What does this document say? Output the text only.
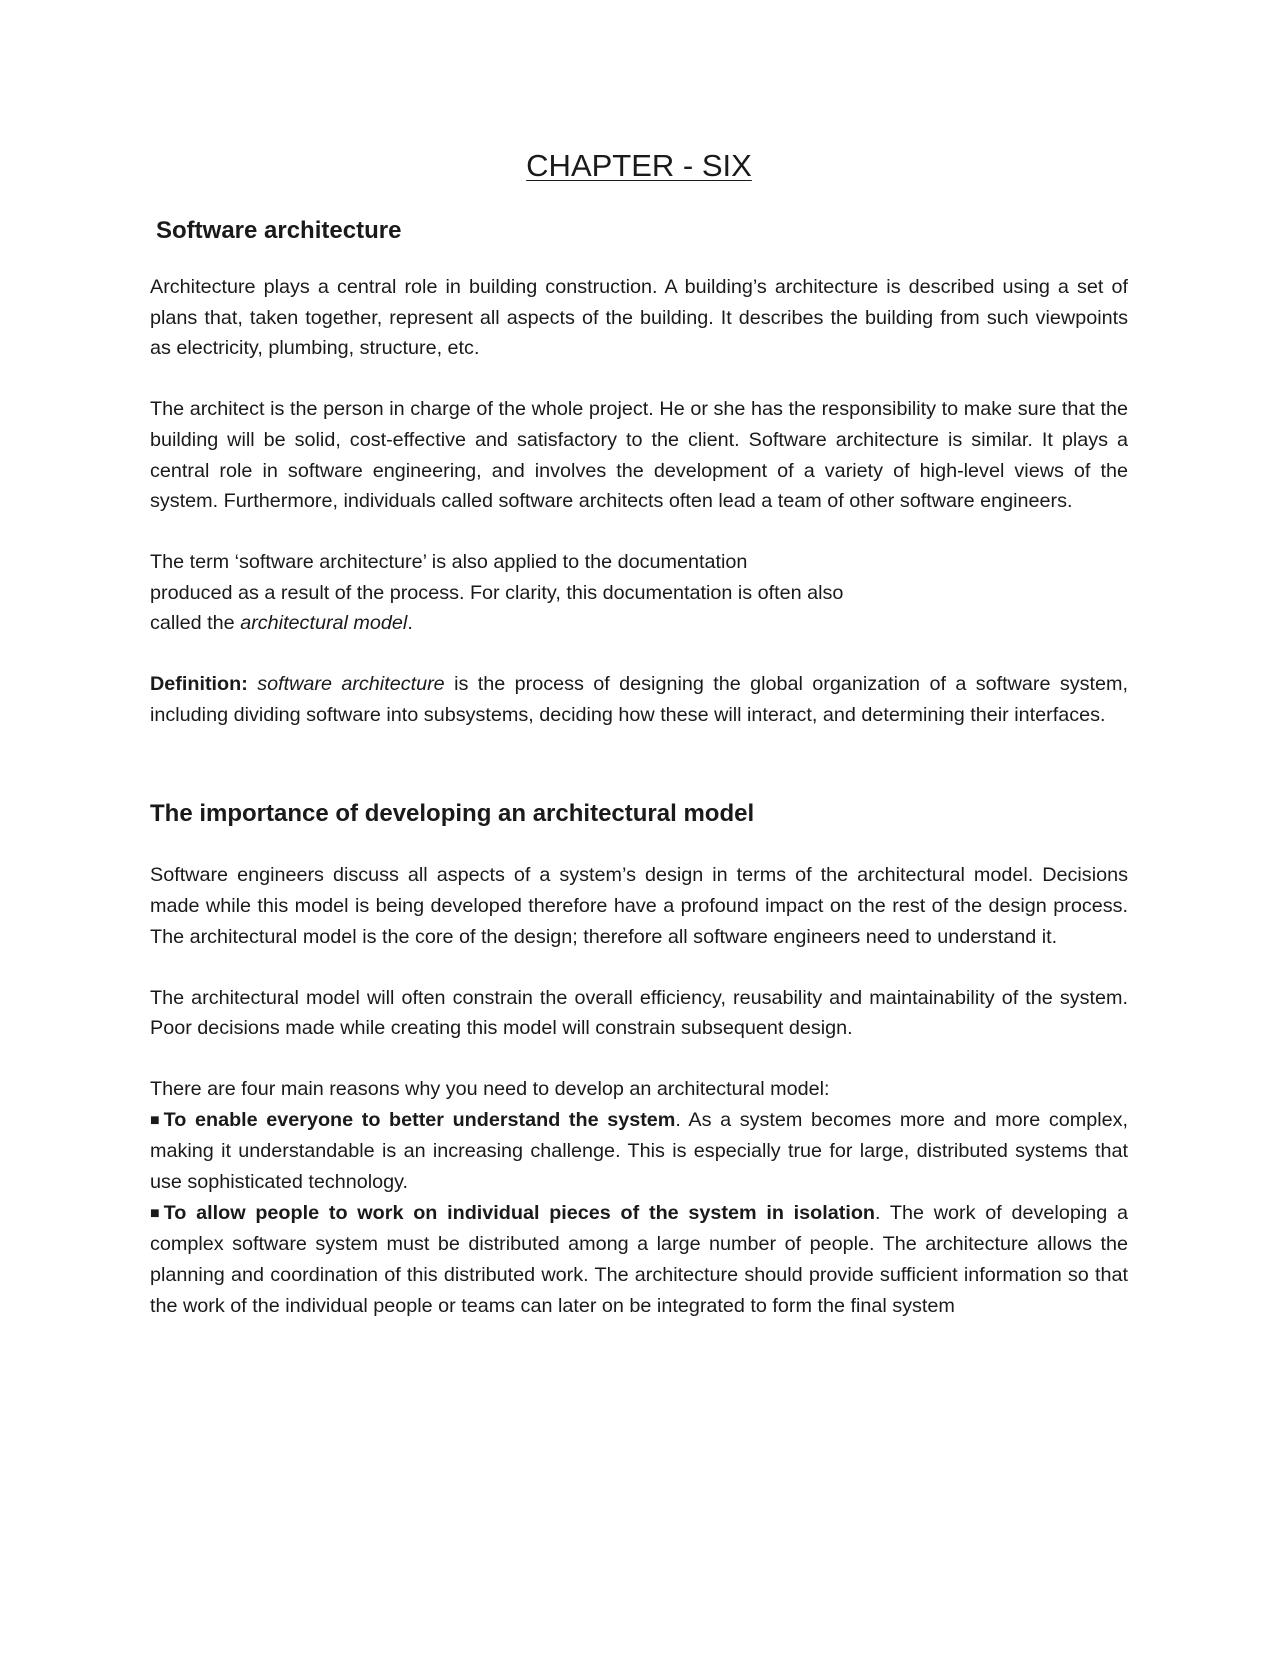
CHAPTER - SIX
Software architecture

Architecture plays a central role in building construction. A building’s architecture is described using a set of plans that, taken together, represent all aspects of the building. It describes the building from such viewpoints as electricity, plumbing, structure, etc.

The architect is the person in charge of the whole project. He or she has the responsibility to make sure that the building will be solid, cost-effective and satisfactory to the client. Software architecture is similar. It plays a central role in software engineering, and involves the development of a variety of high-level views of the system. Furthermore, individuals called software architects often lead a team of other software engineers.

The term ‘software architecture’ is also applied to the documentation
produced as a result of the process. For clarity, this documentation is often also
called the architectural model.

Definition: software architecture is the process of designing the global organization of a software system, including dividing software into subsystems, deciding how these will interact, and determining their interfaces.

The importance of developing an architectural model

Software engineers discuss all aspects of a system’s design in terms of the architectural model. Decisions made while this model is being developed therefore have a profound impact on the rest of the design process. The architectural model is the core of the design; therefore all software engineers need to understand it.

The architectural model will often constrain the overall efficiency, reusability and maintainability of the system. Poor decisions made while creating this model will constrain subsequent design.

There are four main reasons why you need to develop an architectural model:

■ To enable everyone to better understand the system. As a system becomes more and more complex, making it understandable is an increasing challenge. This is especially true for large, distributed systems that use sophisticated technology.

■ To allow people to work on individual pieces of the system in isolation. The work of developing a complex software system must be distributed among a large number of people. The architecture allows the planning and coordination of this distributed work. The architecture should provide sufficient information so that the work of the individual people or teams can later on be integrated to form the final system
